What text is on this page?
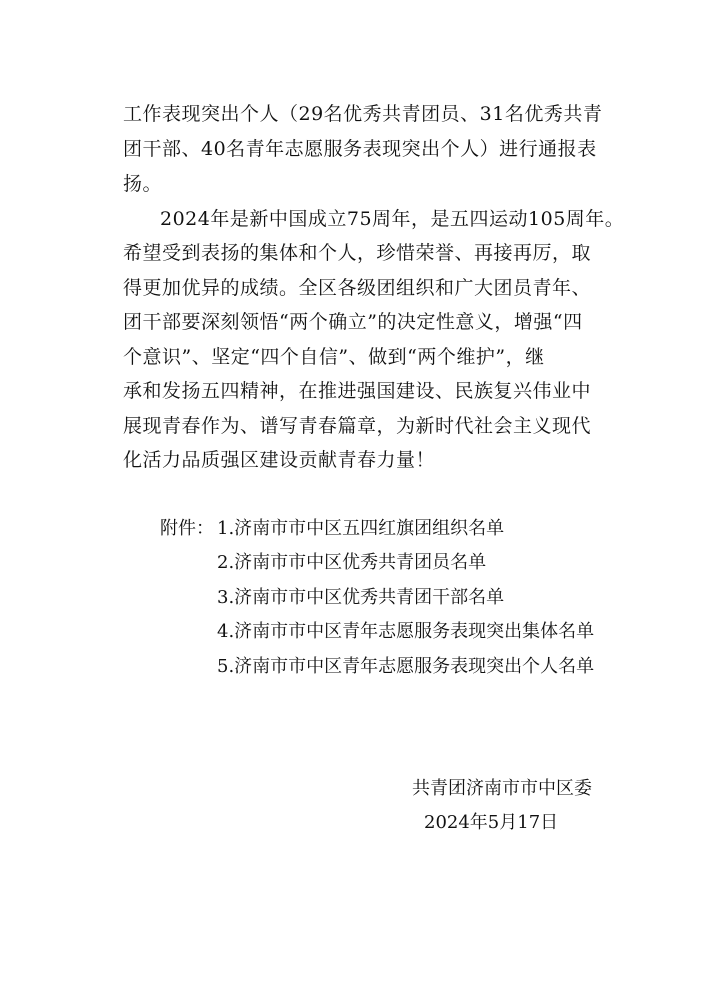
工作表现突出个人（29名优秀共青团员、31名优秀共青
团干部、40名青年志愿服务表现突出个人）进行通报表
扬。
2024年是新中国成立75周年，是五四运动105周年。
希望受到表扬的集体和个人，珍惜荣誉、再接再厉，取
得更加优异的成绩。全区各级团组织和广大团员青年、
团干部要深刻领悟“两个确立”的决定性意义，增强“四
个意识”、坚定“四个自信”、做到“两个维护”，继
承和发扬五四精神，在推进强国建设、民族复兴伟业中
展现青春作为、谱写青春篇章，为新时代社会主义现代
化活力品质强区建设贡献青春力量！
附件： 1.济南市市中区五四红旗团组织名单
2.济南市市中区优秀共青团员名单
3.济南市市中区优秀共青团干部名单
4.济南市市中区青年志愿服务表现突出集体名单
5.济南市市中区青年志愿服务表现突出个人名单
共青团济南市市中区委
2024年5月17日
